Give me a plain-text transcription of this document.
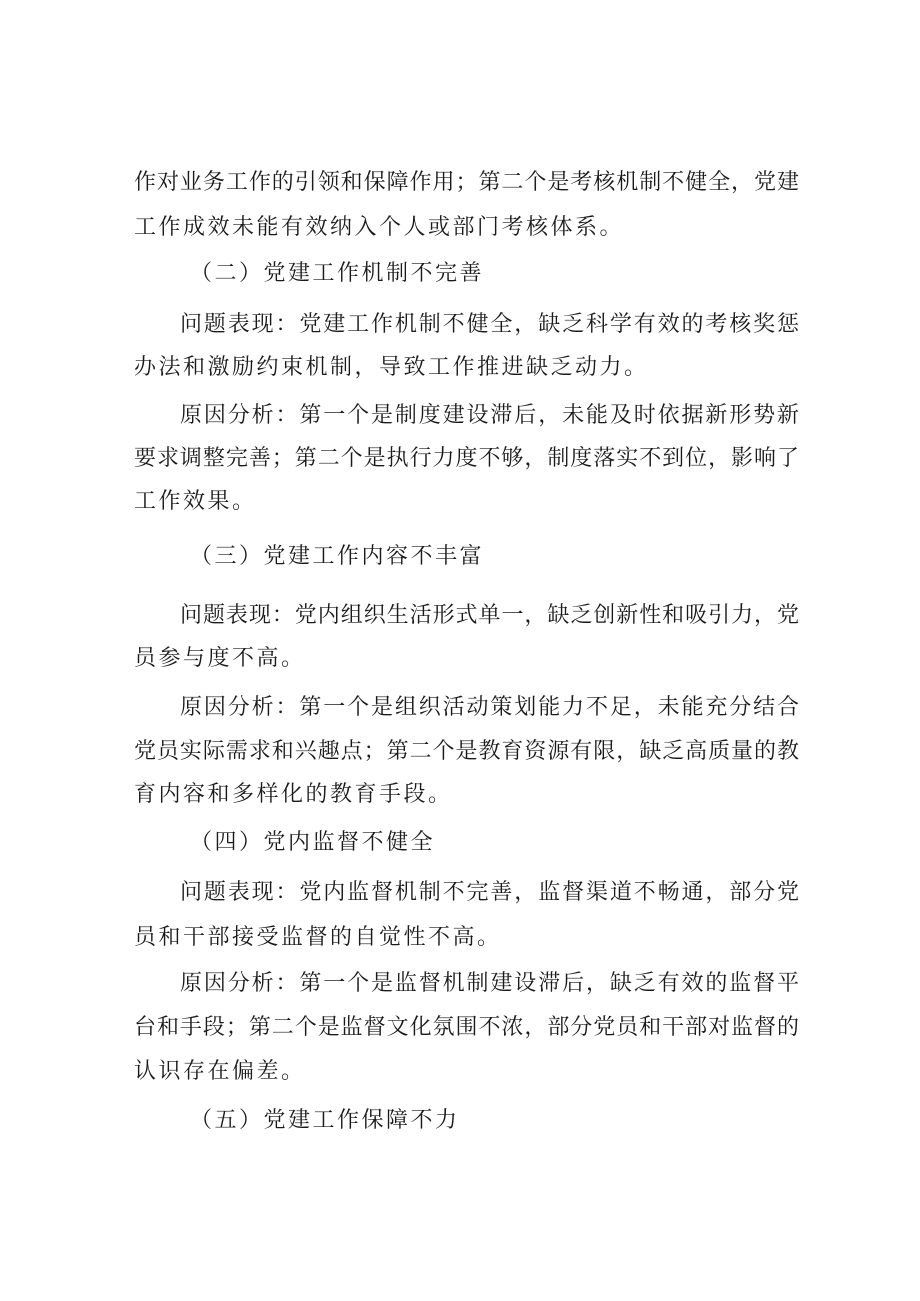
作对业务工作的引领和保障作用；第二个是考核机制不健全，党建
工作成效未能有效纳入个人或部门考核体系。
（二）党建工作机制不完善
问题表现：党建工作机制不健全，缺乏科学有效的考核奖惩
办法和激励约束机制，导致工作推进缺乏动力。
原因分析：第一个是制度建设滞后，未能及时依据新形势新
要求调整完善；第二个是执行力度不够，制度落实不到位，影响了
工作效果。
（三）党建工作内容不丰富
问题表现：党内组织生活形式单一，缺乏创新性和吸引力，党
员参与度不高。
原因分析：第一个是组织活动策划能力不足，未能充分结合
党员实际需求和兴趣点；第二个是教育资源有限，缺乏高质量的教
育内容和多样化的教育手段。
（四）党内监督不健全
问题表现：党内监督机制不完善，监督渠道不畅通，部分党
员和干部接受监督的自觉性不高。
原因分析：第一个是监督机制建设滞后，缺乏有效的监督平
台和手段；第二个是监督文化氛围不浓，部分党员和干部对监督的
认识存在偏差。
（五）党建工作保障不力
